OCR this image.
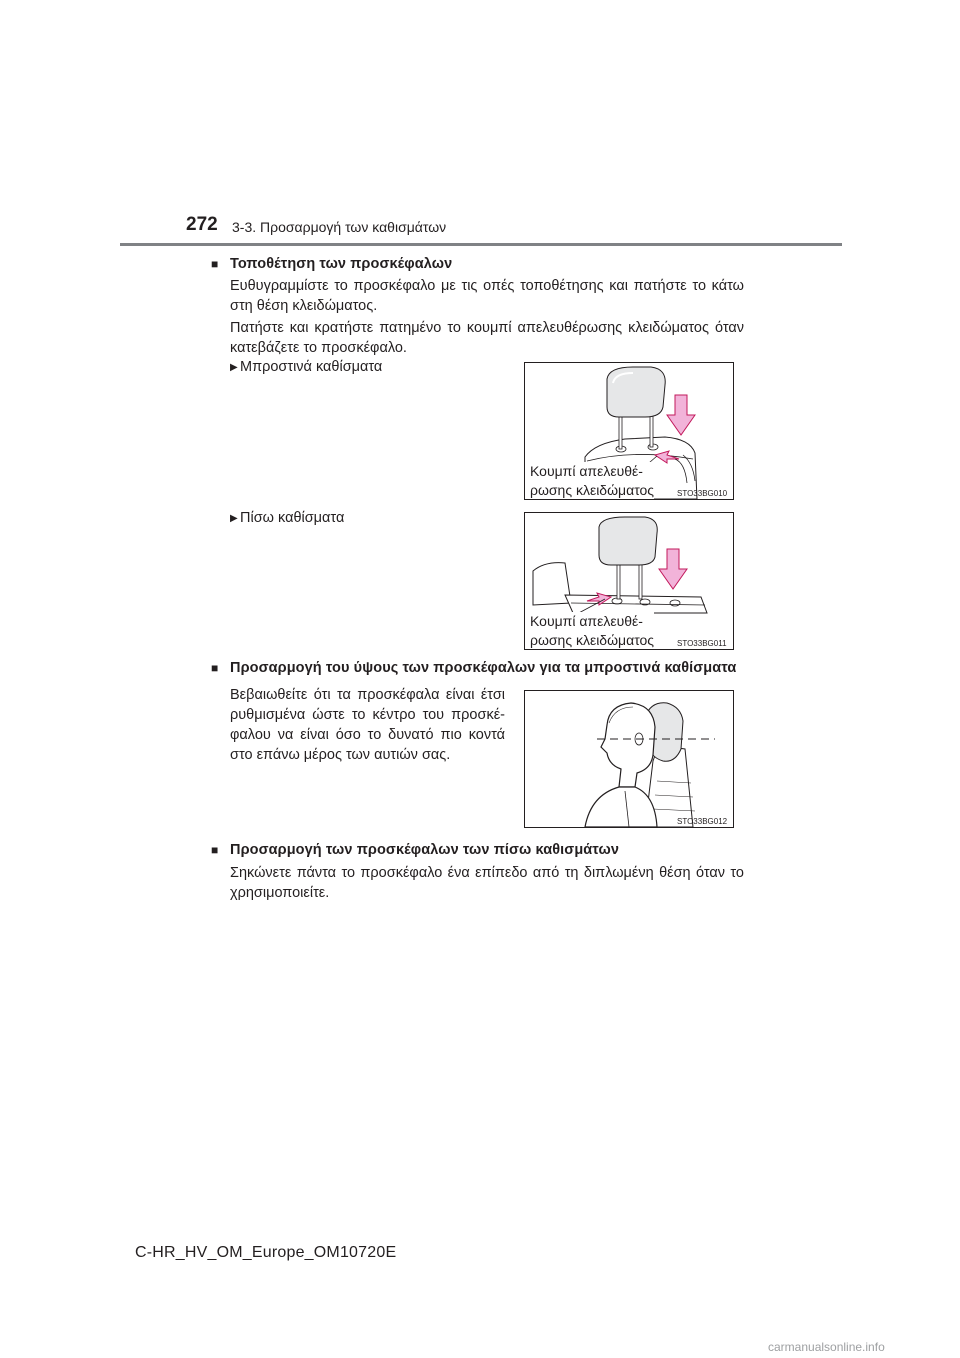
272 3-3. Προσαρμογή των καθισμάτων
■ Τοποθέτηση των προσκέφαλων
Ευθυγραμμίστε το προσκέφαλο με τις οπές τοποθέτησης και πατήστε το κάτω στη θέση κλειδώματος.
Πατήστε και κρατήστε πατημένο το κουμπί απελευθέρωσης κλειδώματος όταν κατεβάζετε το προσκέφαλο.
▶ Μπροστινά καθίσματα
Κουμπί απελευθέ-
ρωσης κλειδώματος	STO33BG010
▶ Πίσω καθίσματα
Κουμπί απελευθέ-
ρωσης κλειδώματος	STO33BG011
■ Προσαρμογή του ύψους των προσκέφαλων για τα μπροστινά καθίσματα
Βεβαιωθείτε ότι τα προσκέφαλα είναι έτσι ρυθμισμένα ώστε το κέντρο του προσκέ- φαλου να είναι όσο το δυνατό πιο κοντά στο επάνω μέρος των αυτιών σας.
STO33BG012
■ Προσαρμογή των προσκέφαλων των πίσω καθισμάτων
Σηκώνετε πάντα το προσκέφαλο ένα επίπεδο από τη διπλωμένη θέση όταν το χρησιμοποιείτε.
C-HR_HV_OM_Europe_OM10720E
carmanualsonline.info
